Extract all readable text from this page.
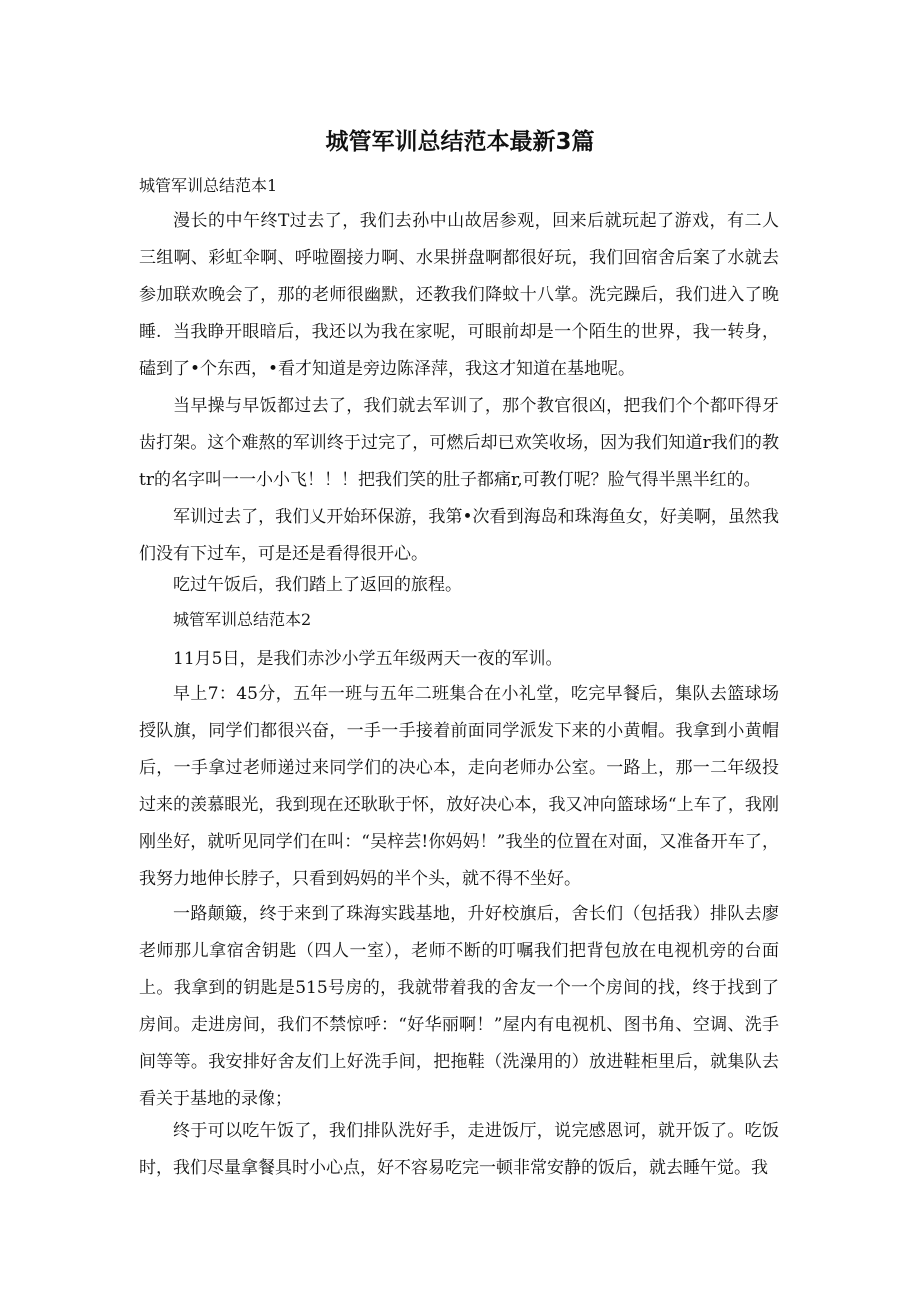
城管军训总结范本最新3篇
城管军训总结范本1

漫长的中午终T过去了，我们去孙中山故居参观，回来后就玩起了游戏，有二人三组啊、彩虹伞啊、呼啦圈接力啊、水果拼盘啊都很好玩，我们回宿舍后案了水就去参加联欢晚会了，那的老师很幽默，还教我们降蚊十八掌。洗完躁后，我们进入了晚睡. 当我睁开眼暗后，我还以为我在家呢，可眼前却是一个陌生的世界，我一转身，磕到了•个东西，•看才知道是旁边陈泽萍，我这才知道在基地呢。

当早操与早饭都过去了，我们就去军训了，那个教官很凶，把我们个个都吓得牙齿打架。这个难熬的军训终于过完了，可燃后却已欢笑收场，因为我们知道r我们的教tr的名字叫一一小小飞！！！把我们笑的肚子都痛r,可教仃呢？脸气得半黑半红的。

军训过去了，我们乂开始环保游，我第•次看到海岛和珠海鱼女，好美啊，虽然我们没有下过车，可是还是看得很开心。

吃过午饭后，我们踏上了返回的旅程。

城管军训总结范本2

11月5日，是我们赤沙小学五年级两天一夜的军训。

早上7：45分，五年一班与五年二班集合在小礼堂，吃完早餐后，集队去篮球场授队旗，同学们都很兴奋，一手一手接着前面同学派发下来的小黄帽。我拿到小黄帽后，一手拿过老师递过来同学们的决心本，走向老师办公室。一路上，那一二年级投过来的羡慕眼光，我到现在还耿耿于怀，放好决心本，我又冲向篮球场“上车了，我刚刚坐好，就听见同学们在叫：“吴梓芸!你妈妈！”我坐的位置在对面，又准备开车了，我努力地伸长脖子，只看到妈妈的半个头，就不得不坐好。

一路颠簸，终于来到了珠海实践基地，升好校旗后，舍长们（包括我）排队去廖老师那儿拿宿舍钥匙（四人一室），老师不断的叮嘱我们把背包放在电视机旁的台面上。我拿到的钥匙是515号房的，我就带着我的舍友一个一个房间的找，终于找到了房间。走进房间，我们不禁惊呼：“好华丽啊！”屋内有电视机、图书角、空调、洗手间等等。我安排好舍友们上好洗手间，把拖鞋（洗澡用的）放进鞋柜里后，就集队去看关于基地的录像；

终于可以吃午饭了，我们排队洗好手，走进饭厅，说完感恩诃，就开饭了。吃饭时，我们尽量拿餐具时小心点，好不容易吃完一顿非常安静的饭后，就去睡午觉。我
